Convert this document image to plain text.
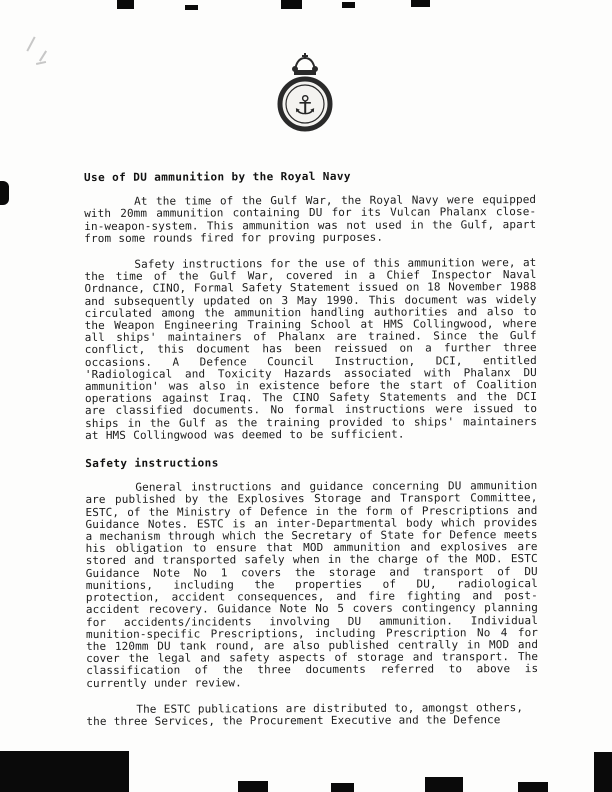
⚓
Use of DU ammunition by the Royal Navy

At the time of the Gulf War, the Royal Navy were equipped with 20mm ammunition containing DU for its Vulcan Phalanx close-in-weapon-system. This ammunition was not used in the Gulf, apart from some rounds fired for proving purposes.

Safety instructions for the use of this ammunition were, at the time of the Gulf War, covered in a Chief Inspector Naval Ordnance, CINO, Formal Safety Statement issued on 18 November 1988 and subsequently updated on 3 May 1990. This document was widely circulated among the ammunition handling authorities and also to the Weapon Engineering Training School at HMS Collingwood, where all ships' maintainers of Phalanx are trained. Since the Gulf conflict, this document has been reissued on a further three occasions. A Defence Council Instruction, DCI, entitled 'Radiological and Toxicity Hazards associated with Phalanx DU ammunition' was also in existence before the start of Coalition operations against Iraq. The CINO Safety Statements and the DCI are classified documents. No formal instructions were issued to ships in the Gulf as the training provided to ships' maintainers at HMS Collingwood was deemed to be sufficient.

Safety instructions

General instructions and guidance concerning DU ammunition are published by the Explosives Storage and Transport Committee, ESTC, of the Ministry of Defence in the form of Prescriptions and Guidance Notes. ESTC is an inter-Departmental body which provides a mechanism through which the Secretary of State for Defence meets his obligation to ensure that MOD ammunition and explosives are stored and transported safely when in the charge of the MOD. ESTC Guidance Note No 1 covers the storage and transport of DU munitions, including the properties of DU, radiological protection, accident consequences, and fire fighting and post-accident recovery. Guidance Note No 5 covers contingency planning for accidents/incidents involving DU ammunition. Individual munition-specific Prescriptions, including Prescription No 4 for the 120mm DU tank round, are also published centrally in MOD and cover the legal and safety aspects of storage and transport. The classification of the three documents referred to above is currently under review.

The ESTC publications are distributed to, amongst others, the three Services, the Procurement Executive and the Defence
